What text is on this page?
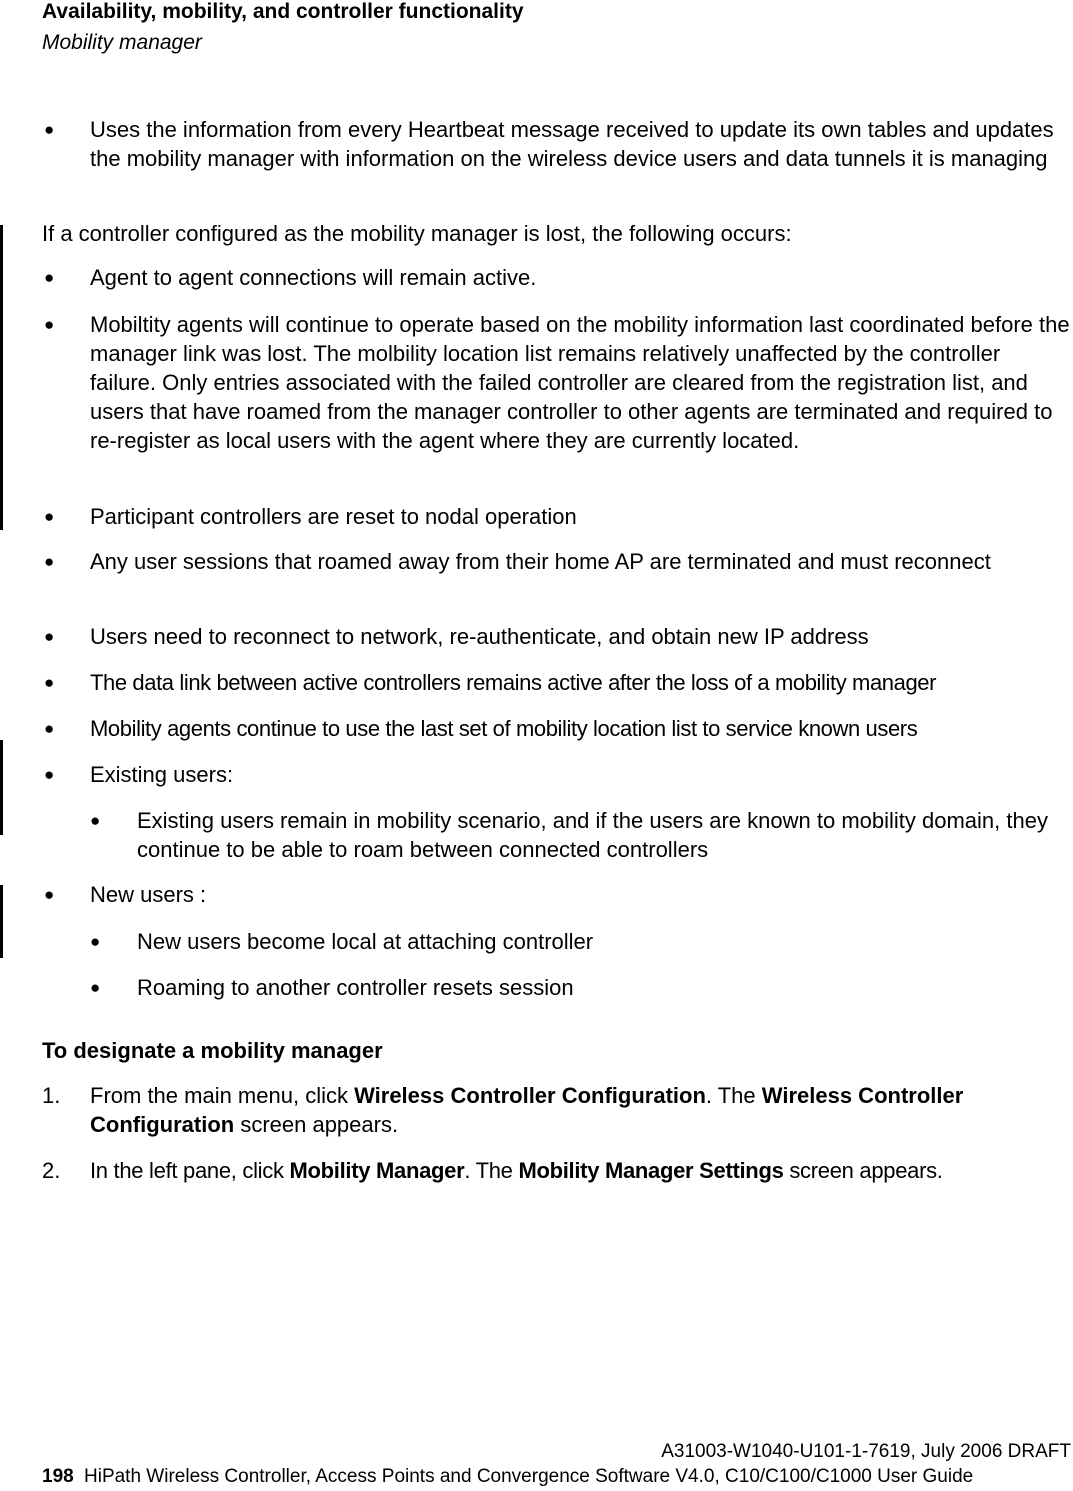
Availability, mobility, and controller functionality
Mobility manager
● Uses the information from every Heartbeat message received to update its own tables and updates the mobility manager with information on the wireless device users and data tunnels it is managing
If a controller configured as the mobility manager is lost, the following occurs:
● Agent to agent connections will remain active.
● Mobiltity agents will continue to operate based on the mobility information last coordinated before the manager link was lost. The molbility location list remains relatively unaffected by the controller failure. Only entries associated with the failed controller are cleared from the registration list, and users that have roamed from the manager controller to other agents are terminated and required to re-register as local users with the agent where they are currently located.
● Participant controllers are reset to nodal operation
● Any user sessions that roamed away from their home AP are terminated and must reconnect
● Users need to reconnect to network, re-authenticate, and obtain new IP address
● The data link between active controllers remains active after the loss of a mobility manager
● Mobility agents continue to use the last set of mobility location list to service known users
● Existing users:
● Existing users remain in mobility scenario, and if the users are known to mobility domain, they continue to be able to roam between connected controllers
● New users :
● New users become local at attaching controller
● Roaming to another controller resets session
To designate a mobility manager
1. From the main menu, click Wireless Controller Configuration. The Wireless Controller Configuration screen appears.
2. In the left pane, click Mobility Manager. The Mobility Manager Settings screen appears.
A31003-W1040-U101-1-7619, July 2006 DRAFT
198 HiPath Wireless Controller, Access Points and Convergence Software V4.0, C10/C100/C1000 User Guide
